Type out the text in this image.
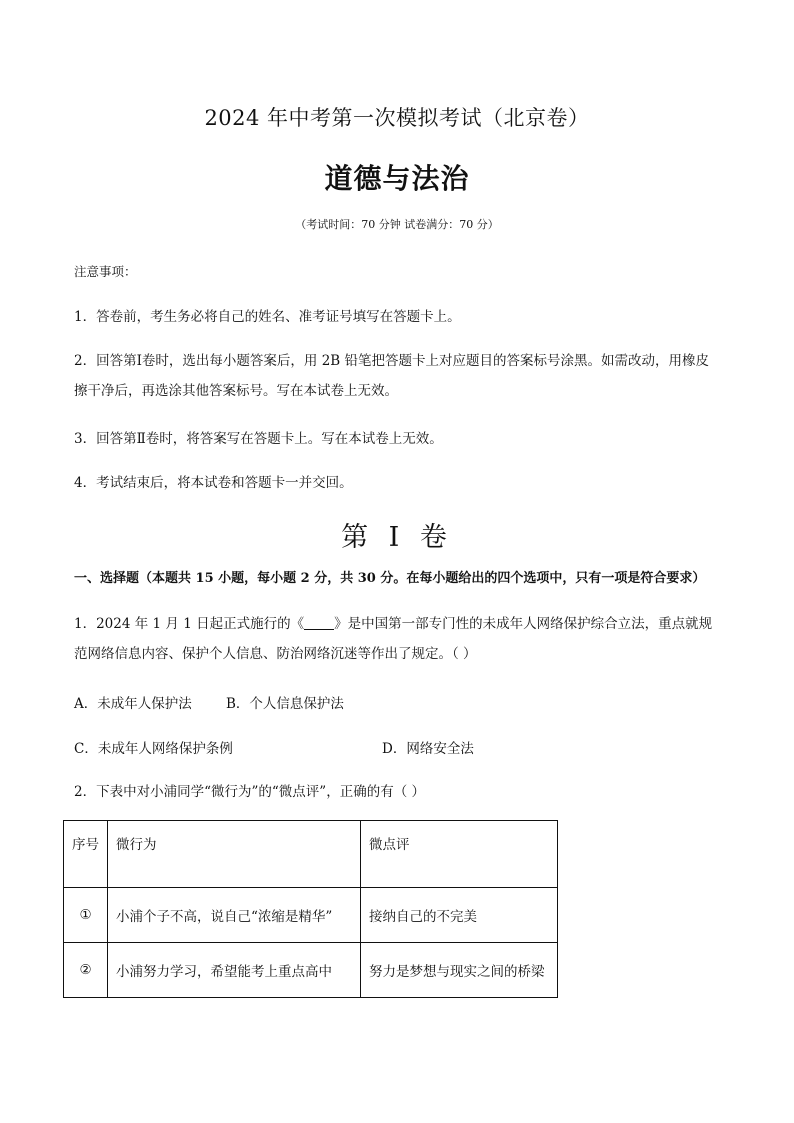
2024 年中考第一次模拟考试（北京卷）
道德与法治
（考试时间：70 分钟 试卷满分：70 分）
注意事项：
1．答卷前，考生务必将自己的姓名、准考证号填写在答题卡上。
2．回答第Ⅰ卷时，选出每小题答案后，用 2B 铅笔把答题卡上对应题目的答案标号涂黑。如需改动，用橡皮擦干净后，再选涂其他答案标号。写在本试卷上无效。
3．回答第Ⅱ卷时，将答案写在答题卡上。写在本试卷上无效。
4．考试结束后，将本试卷和答题卡一并交回。
第 I 卷
一、选择题（本题共 15 小题，每小题 2 分，共 30 分。在每小题给出的四个选项中，只有一项是符合要求）
1．2024 年 1 月 1 日起正式施行的《 》是中国第一部专门性的未成年人网络保护综合立法，重点就规范网络信息内容、保护个人信息、防治网络沉迷等作出了规定。（ ）
A．未成年人保护法	B．个人信息保护法
C．未成年人网络保护条例	D．网络安全法
2．下表中对小浦同学“微行为”的“微点评”，正确的有（ ）
序号	微行为	微点评
①	小浦个子不高，说自己“浓缩是精华”	接纳自己的不完美
②	小浦努力学习，希望能考上重点高中	努力是梦想与现实之间的桥梁
